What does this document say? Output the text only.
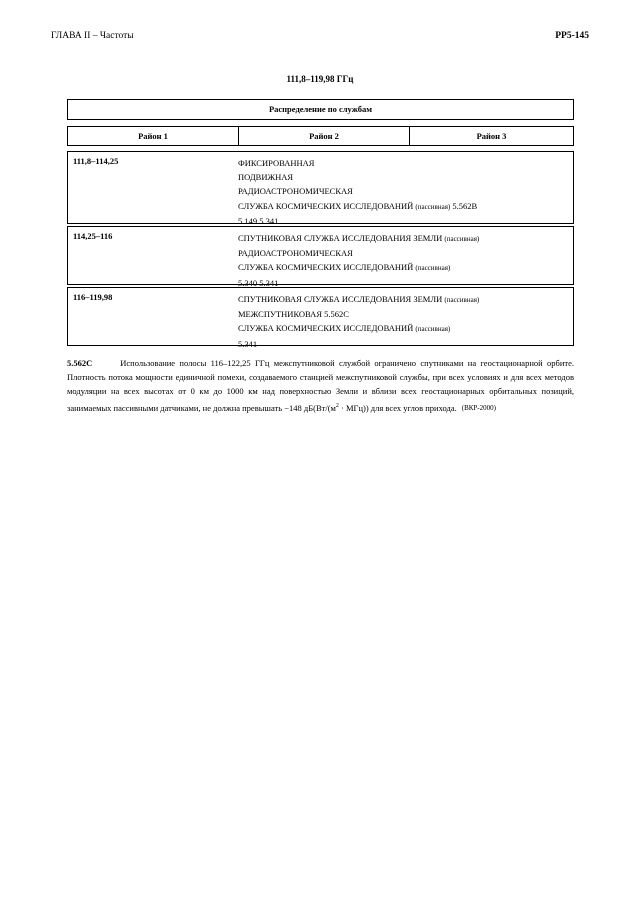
ГЛАВА II – Частоты	РР5-145
111,8–119,98 ГГц
Распределение по службам
Район 1	Район 2	Район 3
111,8–114,25	ФИКСИРОВАННАЯ
ПОДВИЖНАЯ
РАДИОАСТРОНОМИЧЕСКАЯ
СЛУЖБА КОСМИЧЕСКИХ ИССЛЕДОВАНИЙ (пассивная) 5.562В
5.149 5.341
114,25–116	СПУТНИКОВАЯ СЛУЖБА ИССЛЕДОВАНИЯ ЗЕМЛИ (пассивная)
РАДИОАСТРОНОМИЧЕСКАЯ
СЛУЖБА КОСМИЧЕСКИХ ИССЛЕДОВАНИЙ (пассивная)
5.340 5.341
116–119,98	СПУТНИКОВАЯ СЛУЖБА ИССЛЕДОВАНИЯ ЗЕМЛИ (пассивная)
МЕЖСПУТНИКОВАЯ 5.562С
СЛУЖБА КОСМИЧЕСКИХ ИССЛЕДОВАНИЙ (пассивная)
5.341
5.562С	Использование полосы 116–122,25 ГГц межспутниковой службой ограничено спутниками на геостационарной орбите. Плотность потока мощности единичной помехи, создаваемого станцией межспутниковой службы, при всех условиях и для всех методов модуляции на всех высотах от 0 км до 1000 км над поверхностью Земли и вблизи всех геостационарных орбитальных позиций, занимаемых пассивными датчиками, не должна превышать −148 $дБ(Вт/(м^2 \cdot МГц))$ для всех углов прихода. (ВКР-2000)
